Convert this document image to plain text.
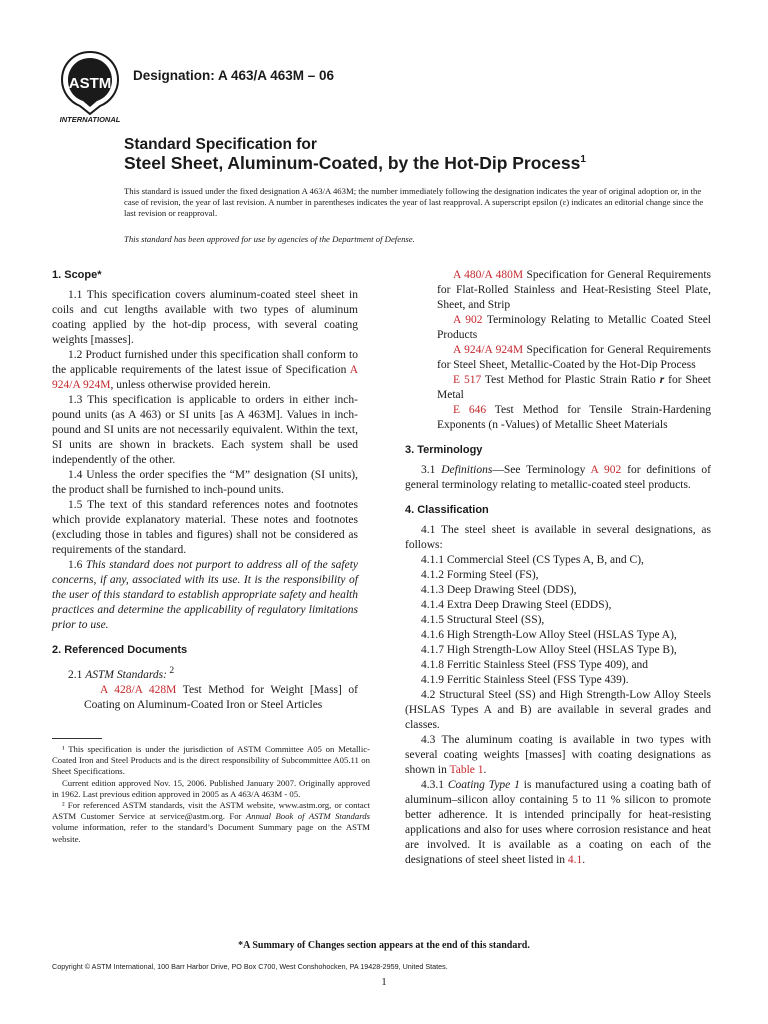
ASTM
INTERNATIONAL
Designation: A 463/A 463M – 06
Standard Specification for
Steel Sheet, Aluminum-Coated, by the Hot-Dip Process$^1$
This standard is issued under the fixed designation A 463/A 463M; the number immediately following the designation indicates the year of original adoption or, in the case of revision, the year of last revision. A number in parentheses indicates the year of last reapproval. A superscript epsilon (ε) indicates an editorial change since the last revision or reapproval.
This standard has been approved for use by agencies of the Department of Defense.
1. Scope*

1.1 This specification covers aluminum-coated steel sheet in coils and cut lengths available with two types of aluminum coating applied by the hot-dip process, with several coating weights [masses].

1.2 Product furnished under this specification shall conform to the applicable requirements of the latest issue of Specification A 924/A 924M, unless otherwise provided herein.

1.3 This specification is applicable to orders in either inch-pound units (as A 463) or SI units [as A 463M]. Values in inch-pound and SI units are not necessarily equivalent. Within the text, SI units are shown in brackets. Each system shall be used independently of the other.

1.4 Unless the order specifies the “M” designation (SI units), the product shall be furnished to inch-pound units.

1.5 The text of this standard references notes and footnotes which provide explanatory material. These notes and footnotes (excluding those in tables and figures) shall not be considered as requirements of the standard.

1.6 This standard does not purport to address all of the safety concerns, if any, associated with its use. It is the responsibility of the user of this standard to establish appropriate safety and health practices and determine the applicability of regulatory limitations prior to use.

2. Referenced Documents

2.1 ASTM Standards: $^2$

A 428/A 428M Test Method for Weight [Mass] of Coating on Aluminum-Coated Iron or Steel Articles

A 480/A 480M Specification for General Requirements for Flat-Rolled Stainless and Heat-Resisting Steel Plate, Sheet, and Strip

A 902 Terminology Relating to Metallic Coated Steel Products

A 924/A 924M Specification for General Requirements for Steel Sheet, Metallic-Coated by the Hot-Dip Process

E 517 Test Method for Plastic Strain Ratio r for Sheet Metal

E 646 Test Method for Tensile Strain-Hardening Exponents (n -Values) of Metallic Sheet Materials

3. Terminology

3.1 Definitions—See Terminology A 902 for definitions of general terminology relating to metallic-coated steel products.

4. Classification

4.1 The steel sheet is available in several designations, as follows:

4.1.1 Commercial Steel (CS Types A, B, and C),

4.1.2 Forming Steel (FS),

4.1.3 Deep Drawing Steel (DDS),

4.1.4 Extra Deep Drawing Steel (EDDS),

4.1.5 Structural Steel (SS),

4.1.6 High Strength-Low Alloy Steel (HSLAS Type A),

4.1.7 High Strength-Low Alloy Steel (HSLAS Type B),

4.1.8 Ferritic Stainless Steel (FSS Type 409), and

4.1.9 Ferritic Stainless Steel (FSS Type 439).

4.2 Structural Steel (SS) and High Strength-Low Alloy Steels (HSLAS Types A and B) are available in several grades and classes.

4.3 The aluminum coating is available in two types with several coating weights [masses] with coating designations as shown in Table 1.

4.3.1 Coating Type 1 is manufactured using a coating bath of aluminum–silicon alloy containing 5 to 11 % silicon to promote better adherence. It is intended principally for heat-resisting applications and also for uses where corrosion resistance and heat are involved. It is available as a coating on each of the designations of steel sheet listed in 4.1.

¹ This specification is under the jurisdiction of ASTM Committee A05 on Metallic-Coated Iron and Steel Products and is the direct responsibility of Subcommittee A05.11 on Sheet Specifications.

Current edition approved Nov. 15, 2006. Published January 2007. Originally approved in 1962. Last previous edition approved in 2005 as A 463/A 463M - 05.

² For referenced ASTM standards, visit the ASTM website, www.astm.org, or contact ASTM Customer Service at service@astm.org. For Annual Book of ASTM Standards volume information, refer to the standard’s Document Summary page on the ASTM website.

*A Summary of Changes section appears at the end of this standard.
Copyright © ASTM International, 100 Barr Harbor Drive, PO Box C700, West Conshohocken, PA 19428-2959, United States.
1
